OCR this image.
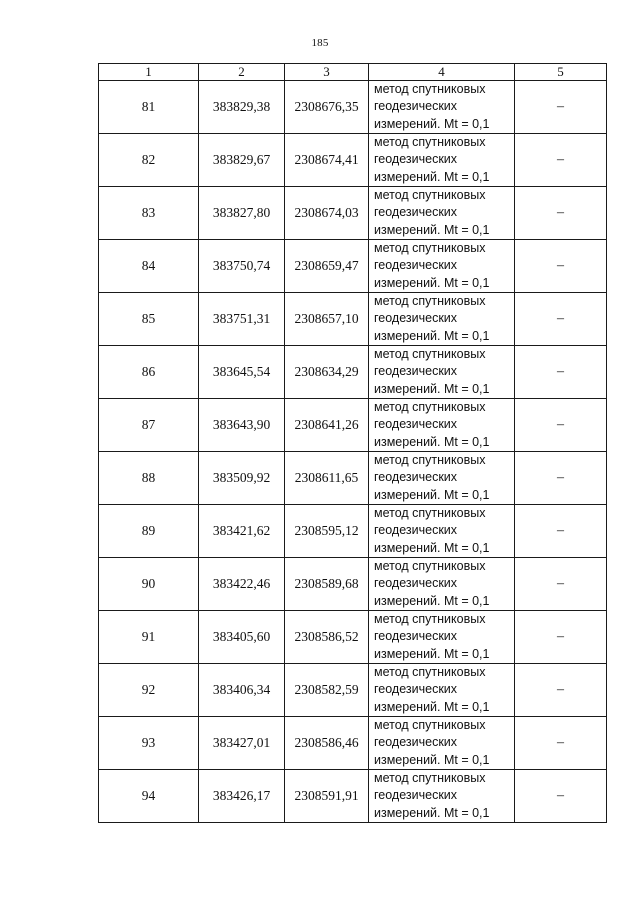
185
1	2	3	4	5
81	383829,38	2308676,35	метод спутниковых
геодезических
измерений. Mt = 0,1	–
82	383829,67	2308674,41	метод спутниковых
геодезических
измерений. Mt = 0,1	–
83	383827,80	2308674,03	метод спутниковых
геодезических
измерений. Mt = 0,1	–
84	383750,74	2308659,47	метод спутниковых
геодезических
измерений. Mt = 0,1	–
85	383751,31	2308657,10	метод спутниковых
геодезических
измерений. Mt = 0,1	–
86	383645,54	2308634,29	метод спутниковых
геодезических
измерений. Mt = 0,1	–
87	383643,90	2308641,26	метод спутниковых
геодезических
измерений. Mt = 0,1	–
88	383509,92	2308611,65	метод спутниковых
геодезических
измерений. Mt = 0,1	–
89	383421,62	2308595,12	метод спутниковых
геодезических
измерений. Mt = 0,1	–
90	383422,46	2308589,68	метод спутниковых
геодезических
измерений. Mt = 0,1	–
91	383405,60	2308586,52	метод спутниковых
геодезических
измерений. Mt = 0,1	–
92	383406,34	2308582,59	метод спутниковых
геодезических
измерений. Mt = 0,1	–
93	383427,01	2308586,46	метод спутниковых
геодезических
измерений. Mt = 0,1	–
94	383426,17	2308591,91	метод спутниковых
геодезических
измерений. Mt = 0,1	–
